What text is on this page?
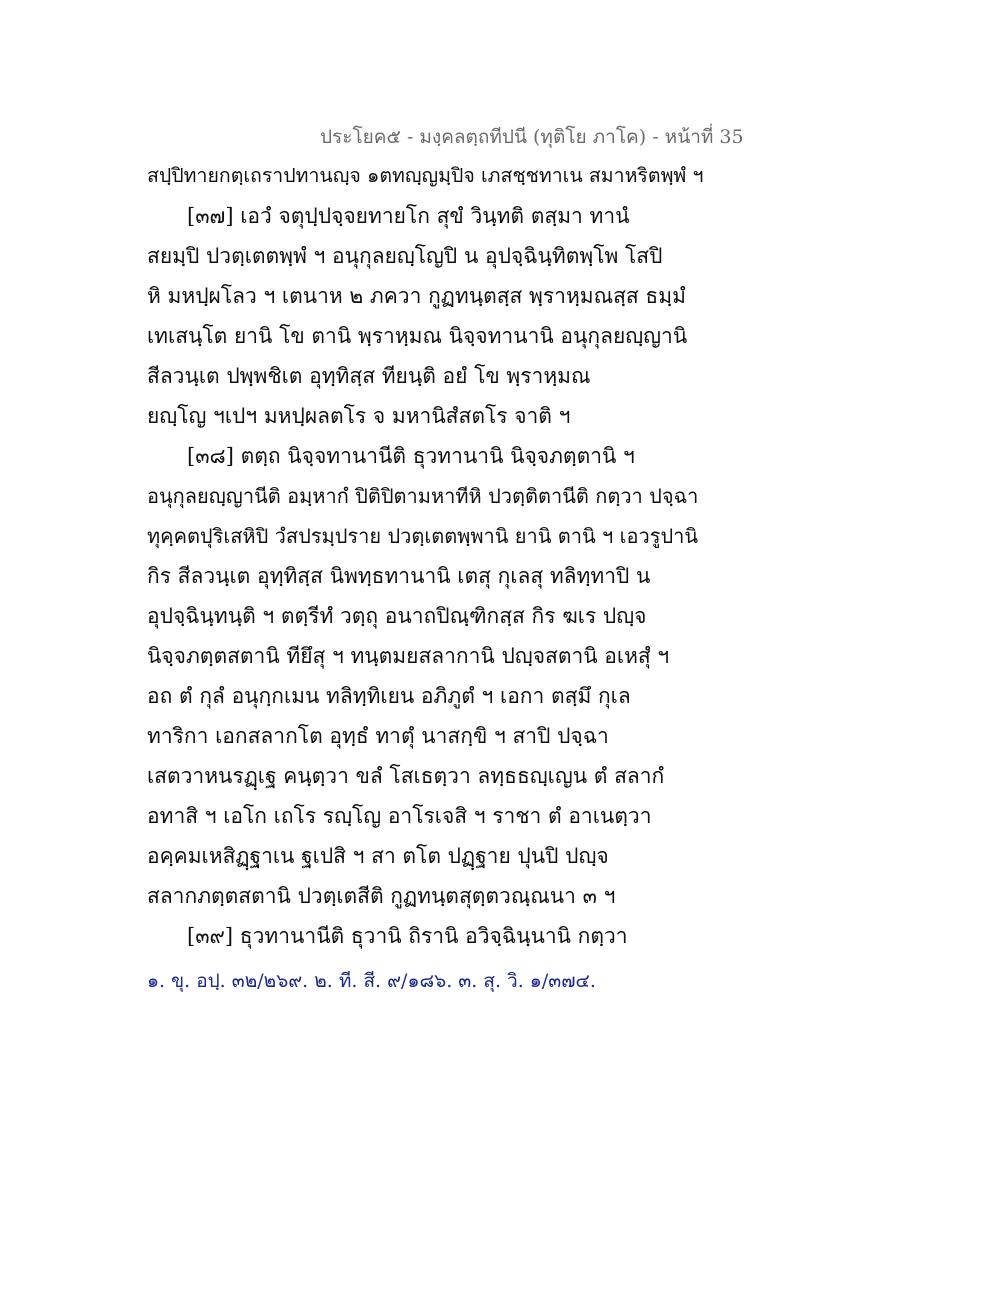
ประโยค๕ - มงฺคลตฺถทีปนี (ทุติโย ภาโค) - หน้าที่ 35
สปฺปิทายกตฺเถราปทานญฺจ ๑ตทญฺญมฺปิจ เภสชฺชทาเน สมาหริตพฺพํ ฯ
[๓๗] เอวํ จตุปฺปจฺจยทายโก สุขํ วินฺทติ ตสฺมา ทานํ
สยมฺปิ ปวตฺเตตพฺพํ ฯ อนุกุลยญฺโญปิ น อุปจฺฉินฺทิตพฺโพ โสปิ
หิ มหปฺผโลว ฯ เตนาห ๒ ภควา กูฏทนฺตสฺส พฺราหฺมณสฺส ธมฺมํ
เทเสนฺโต ยานิ โข ตานิ พฺราหฺมณ นิจฺจทานานิ อนุกุลยญฺญานิ
สีลวนฺเต ปพฺพชิเต อุทฺทิสฺส ทียนฺติ อยํ โข พฺราหฺมณ
ยญฺโญ ฯเปฯ มหปฺผลตโร จ มหานิสํสตโร จาติ ฯ
[๓๘] ตตฺถ นิจฺจทานานีติ ธุวทานานิ นิจฺจภตฺตานิ ฯ
อนุกุลยญฺญานีติ อมฺหากํ ปิติปิตามหาทีหิ ปวตฺติตานีติ กตฺวา ปจฺฉา
ทุคฺคตปุริเสหิปิ วํสปรมฺปราย ปวตฺเตตพฺพานิ ยานิ ตานิ ฯ เอวรูปานิ
กิร สีลวนฺเต อุทฺทิสฺส นิพทฺธทานานิ เตสุ กุเลสุ ทลิทฺทาปิ น
อุปจฺฉินฺทนฺติ ฯ ตตฺรีทํ วตฺถุ อนาถปิณฺฑิกสฺส กิร ฆเร ปญฺจ
นิจฺจภตฺตสตานิ ทียึสุ ฯ ทนฺตมยสลากานิ ปญฺจสตานิ อเหสุํ ฯ
อถ ตํ กุลํ อนุกฺกเมน ทลิทฺทิเยน อภิภูตํ ฯ เอกา ตสฺมึ กุเล
ทาริกา เอกสลากโต อุทฺธํ ทาตุํ นาสกฺขิ ฯ สาปิ ปจฺฉา
เสตวาหนรฏฺเฐ คนฺตฺวา ขลํ โสเธตฺวา ลทฺธธญฺเญน ตํ สลากํ
อทาสิ ฯ เอโก เถโร รญฺโญ อาโรเจสิ ฯ ราชา ตํ อาเนตฺวา
อคฺคมเหสิฏฺฐาเน ฐเปสิ ฯ สา ตโต ปฏฺฐาย ปุนปิ ปญฺจ
สลากภตฺตสตานิ ปวตฺเตสีติ กูฏทนฺตสุตฺตวณฺณนา ๓ ฯ
[๓๙] ธุวทานานีติ ธุวานิ ถิรานิ อวิจฺฉินฺนานิ กตฺวา
๑. ขุ. อปฺ. ๓๒/๒๖๙. ๒. ที. สี. ๙/๑๘๖. ๓. สุ. วิ. ๑/๓๗๔.
